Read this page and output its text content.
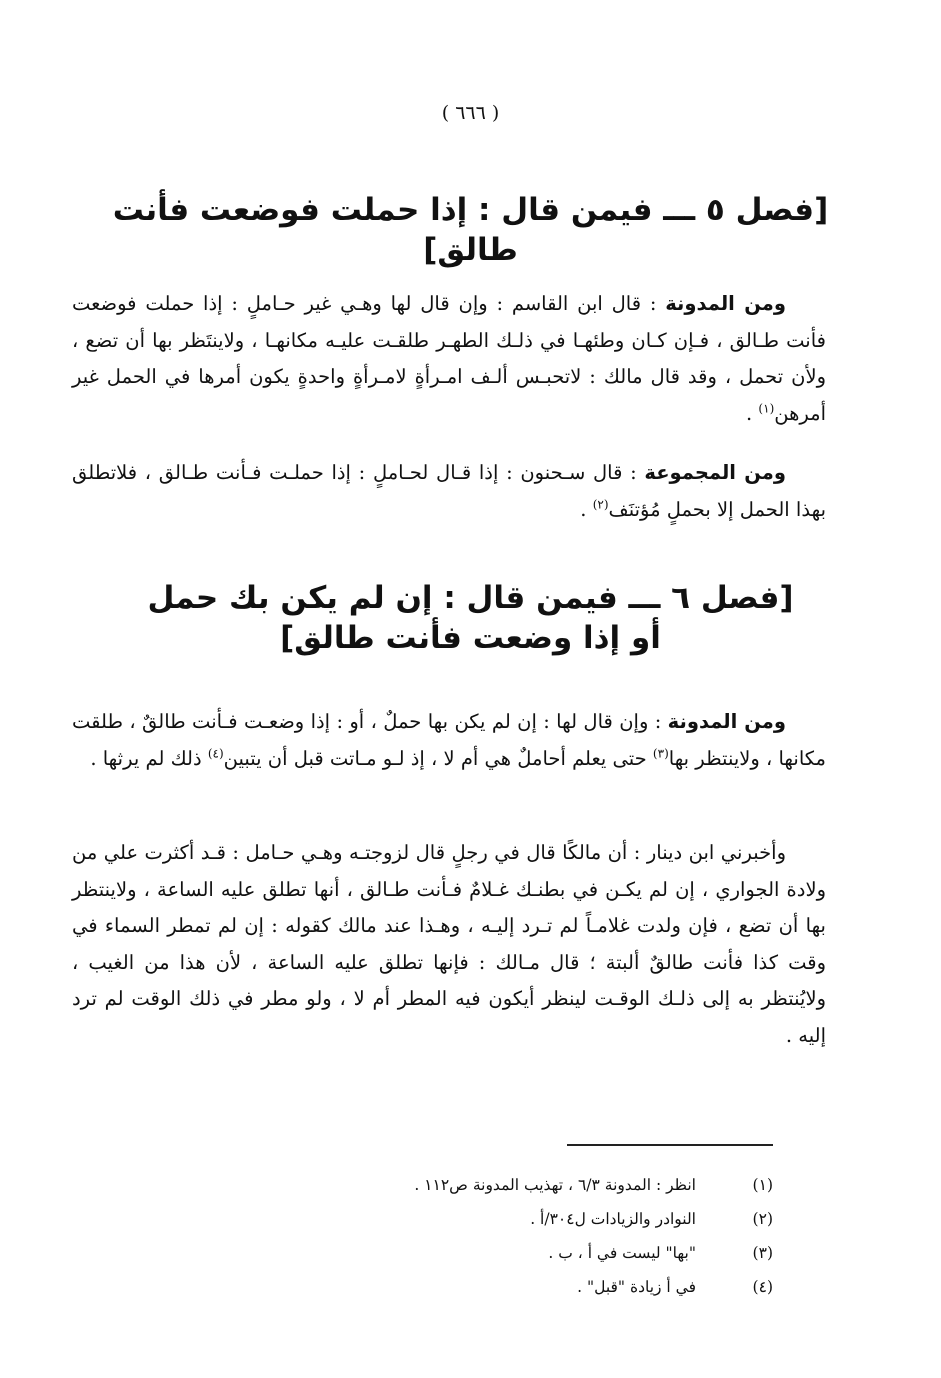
( ٦٦٦ )
[فصل ٥ ـــ فيمن قال : إذا حملت فوضعت فأنت طالق]
ومن المدونة : قال ابن القاسم : وإن قال لها وهـي غير حـاملٍ : إذا حملت فوضعت فأنت طـالق ، فـإن كـان وطئهـا في ذلـك الطهـر طلقـت عليـه مكانهـا ، ولاينتَظر بها أن تضع ، ولأن تحمل ، وقد قال مالك : لاتحبـس ألـف امـرأةٍ لامـرأةٍ واحدةٍ يكون أمرها في الحمل غير أمرهن$^{(١)}$ .
ومن المجموعة : قال سـحنون : إذا قـال لحـاملٍ : إذا حملـت فـأنت طـالق ، فلاتطلق بهذا الحمل إلا بحملٍ مُؤتنَف$^{(٢)}$ .
[فصل ٦ ـــ فيمن قال : إن لم يكن بك حمل
أو إذا وضعت فأنت طالق]
ومن المدونة : وإن قال لها : إن لم يكن بها حملٌ ، أو : إذا وضعـت فـأنت طالقٌ ، طلقت مكانها ، ولاينتظر بها$^{(٣)}$ حتى يعلم أحاملٌ هي أم لا ، إذ لـو مـاتت قبل أن يتبين$^{(٤)}$ ذلك لم يرثها .
وأخبرني ابن دينار : أن مالكًا قال في رجلٍ قال لزوجتـه وهـي حـامل : قـد أكثرت علي من ولادة الجواري ، إن لم يكـن في بطنـك غـلامٌ فـأنت طـالق ، أنها تطلق عليه الساعة ، ولاينتظر بها أن تضع ، فإن ولدت غلامـاً لم تـرد إليـه ، وهـذا عند مالك كقوله : إن لم تمطر السماء في وقت كذا فأنت طالقٌ ألبتة ؛ قال مـالك : فإنها تطلق عليه الساعة ، لأن هذا من الغيب ، ولايُنتظر به إلى ذلـك الوقـت لينظر أيكون فيه المطر أم لا ، ولو مطر في ذلك الوقت لم ترد إليه .
(١)
انظر : المدونة ٦/٣ ، تهذيب المدونة ص١١٢ .
(٢)
النوادر والزيادات ل٣٠٤/أ .
(٣)
"بها" ليست في أ ، ب .
(٤)
في أ زيادة "قبل" .
